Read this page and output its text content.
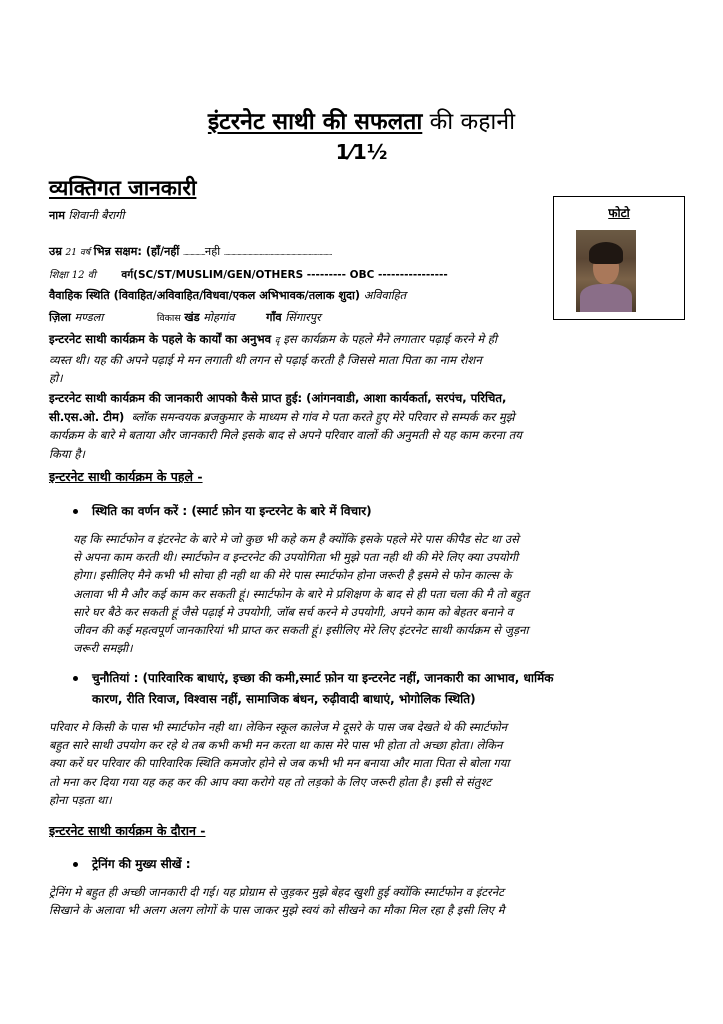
इंटरनेट साथी की सफलता की कहानी
1⁄1½
व्यक्तिगत जानकारी
फोटो
नाम शिवानी बैरागी
उम्र 21 वर्ष भिन्न सक्षम: (हाँ/नहीं ..................नही ........................................................................................
शिक्षा 12 वी वर्ग(SC/ST/MUSLIM/GEN/OTHERS --------- OBC ----------------
वैवाहिक स्थिति (विवाहित/अविवाहित/विधवा/एकल अभिभावक/तलाक शुदा) अविवाहित
ज़िला मण्डला	विकास खंड मोहगांव	गाँव सिंगारपुर
इन्टरनेट साथी कार्यक्रम के पहले के कार्यों का अनुभव दृ इस कार्यक्रम के पहले मैने लगातार पढ़ाई करने मे ही
व्यस्त थी। यह की अपने पढ़ाई मे मन लगाती थी लगन से पढ़ाई करती है जिससे माता पिता का नाम रोशन
हो।
इन्टरनेट साथी कार्यक्रम की जानकारी आपको कैसे प्राप्त हुई: (आंगनवाडी, आशा कार्यकर्ता, सरपंच, परिचित,
सी.एस.ओ. टीम) ब्लॉक समन्वयक ब्रजकुमार के माध्यम से गांव मे पता करते हुए मेरे परिवार से सम्पर्क कर मुझे
कार्यक्रम के बारे मे बताया और जानकारी मिले इसके बाद से अपने परिवार वालों की अनुमती से यह काम करना तय
किया है।
इन्टरनेट साथी कार्यक्रम के पहले -
स्थिति का वर्णन करें : (स्मार्ट फ़ोन या इन्टरनेट के बारे में विचार)
यह कि स्मार्टफोन व इंटरनेट के बारे मे जो कुछ भी कहे कम है क्योंकि इसके पहले मेरे पास कीपैड सेट था उसे
से अपना काम करती थी। स्मार्टफोन व इन्टरनेट की उपयोगिता भी मुझे पता नही थी की मेरे लिए क्या उपयोगी
होगा। इसीलिए मैने कभी भी सोचा ही नही था की मेरे पास स्मार्टफोन होना जरूरी है इसमे से फोन काल्स के
अलावा भी मै और कई काम कर सकती हूं। स्मार्टफोन के बारे मे प्रशिक्षण के बाद से ही पता चला की मै तो बहुत
सारे घर बैठे कर सकती हूं जैसे पढ़ाई मे उपयोगी, जॉब सर्च करने मे उपयोगी, अपने काम को बेहतर बनाने व
जीवन की कई महत्वपूर्ण जानकारियां भी प्राप्त कर सकती हूं। इसीलिए मेरे लिए इंटरनेट साथी कार्यक्रम से जुड़ना
जरूरी समझी।
चुनौतियां : (पारिवारिक बाधाएं, इच्छा की कमी,स्मार्ट फ़ोन या इन्टरनेट नहीं, जानकारी का आभाव, धार्मिक
कारण, रीति रिवाज, विश्वास नहीं, सामाजिक बंधन, रुढ़ीवादी बाधाएं, भोगोलिक स्थिति)
परिवार मे किसी के पास भी स्मार्टफोन नही था। लेकिन स्कूल कालेज मे दूसरे के पास जब देखते थे की स्मार्टफोन
बहुत सारे साथी उपयोग कर रहे थे तब कभी कभी मन करता था कास मेरे पास भी होता तो अच्छा होता। लेकिन
क्या करें घर परिवार की पारिवारिक स्थिति कमजोर होने से जब कभी भी मन बनाया और माता पिता से बोला गया
तो मना कर दिया गया यह कह कर की आप क्या करोगे यह तो लड़को के लिए जरूरी होता है। इसी से संतुश्ट
होना पड़ता था।
इन्टरनेट साथी कार्यक्रम के दौरान -
ट्रेनिंग की मुख्य सीखें :
ट्रेनिंग मे बहुत ही अच्छी जानकारी दी गई। यह प्रोग्राम से जुड़कर मुझे बेहद खुशी हुई क्योंकि स्मार्टफोन व इंटरनेट
सिखाने के अलावा भी अलग अलग लोगों के पास जाकर मुझे स्वयं को सीखने का मौका मिल रहा है इसी लिए मै
